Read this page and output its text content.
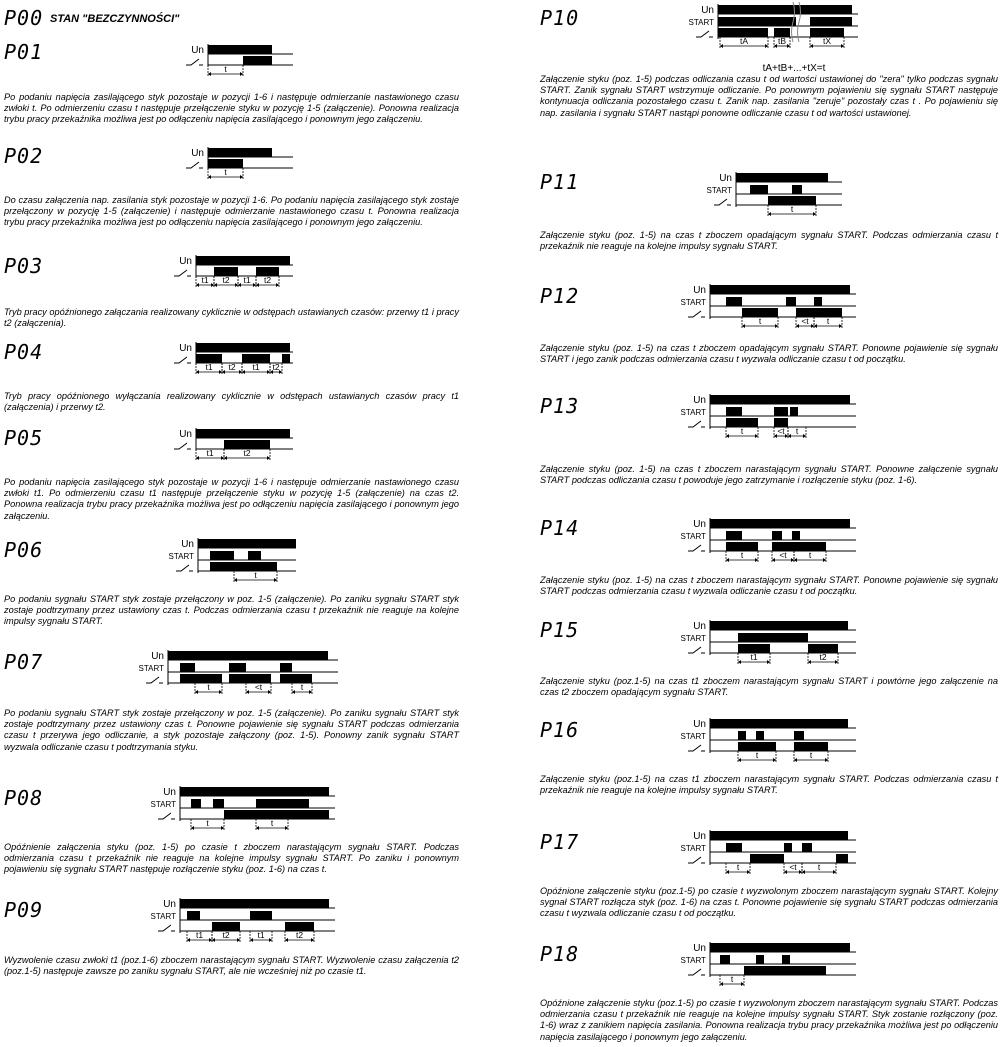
P00 STAN "BEZCZYNNOŚCI"
P01	Un
t

Po podaniu napięcia zasilającego styk pozostaje w pozycji 1-6 i następuje odmierzanie nastawionego czasu zwłoki t. Po odmierzeniu czasu t następuje przełączenie styku w pozycję 1-5 (załączenie). Ponowna realizacja trybu pracy przekaźnika możliwa jest po odłączeniu napięcia zasilającego i ponownym jego załączeniu.

P02	Un
t

Do czasu załączenia nap. zasilania styk pozostaje w pozycji 1-6. Po podaniu napięcia zasilającego styk zostaje przełączony w pozycję 1-5 (załączenie) i następuje odmierzanie nastawionego czasu t. Ponowna realizacja trybu pracy przekaźnika możliwa jest po odłączeniu napięcia zasilającego i ponownym jego załączeniu.

P03	Un
t1 t2 t1 t2

Tryb pracy opóźnionego załączania realizowany cyklicznie w odstępach ustawianych czasów: przerwy t1 i pracy t2 (załączenia).

P04	Un
t1 t2 t1 t2

Tryb pracy opóźnionego wyłączania realizowany cyklicznie w odstępach ustawianych czasów pracy t1 (załączenia) i przerwy t2.

P05	Un
t1	t2

Po podaniu napięcia zasilającego styk pozostaje w pozycji 1-6 i następuje odmierzanie nastawionego czasu zwłoki t1. Po odmierzeniu czasu t1 następuje przełączenie styku w pozycję 1-5 (załączenie) na czas t2. Ponowna realizacja trybu pracy przekaźnika możliwa jest po odłączeniu napięcia zasilającego i ponownym jego załączeniu.

P06	Un
START
t

Po podaniu sygnału START styk zostaje przełączony w poz. 1-5 (załączenie). Po zaniku sygnału START styk zostaje podtrzymany przez ustawiony czas t. Podczas odmierzania czasu t przekaźnik nie reaguje na kolejne impulsy sygnału START.

P07	Un
START
t	<t	t

Po podaniu sygnału START styk zostaje przełączony w poz. 1-5 (załączenie). Po zaniku sygnału START styk zostaje podtrzymany przez ustawiony czas t. Ponowne pojawienie się sygnału START podczas odmierzania czasu t przerywa jego odliczanie, a styk pozostaje załączony (poz. 1-5). Ponowny zanik sygnału START wyzwala odliczanie czasu t podtrzymania styku.

P08	Un
START
t	t

Opóźnienie załączenia styku (poz. 1-5) po czasie t zboczem narastającym sygnału START. Podczas odmierzania czasu t przekaźnik nie reaguje na kolejne impulsy sygnału START. Po zaniku i ponownym pojawieniu się sygnału START następuje rozłączenie styku (poz. 1-6) na czas t.

P09	Un
START
t1 t2	t1	t2

Wyzwolenie czasu zwłoki t1 (poz.1-6) zboczem narastającym sygnału START. Wyzwolenie czasu załączenia t2 (poz.1-5) następuje zawsze po zaniku sygnału START, ale nie wcześniej niż po czasie t1.

P10	Un
START
tA	tB	tX
tA+tB+...+tX=t

Załączenie styku (poz. 1-5) podczas odliczania czasu t od wartości ustawionej do "zera" tylko podczas sygnału START. Zanik sygnału START wstrzymuje odliczanie. Po ponownym pojawieniu się sygnału START następuje kontynuacja odliczania pozostałego czasu t. Zanik nap. zasilania "zeruje" pozostały czas t . Po pojawieniu się nap. zasilania i sygnału START nastąpi ponowne odliczanie czasu t od wartości ustawionej.

P11	Un
START
t

Załączenie styku (poz. 1-5) na czas t zboczem opadającym sygnału START. Podczas odmierzania czasu t przekaźnik nie reaguje na kolejne impulsy sygnału START.

P12	Un
START
t	<t t

Załączenie styku (poz. 1-5) na czas t zboczem opadającym sygnału START. Ponowne pojawienie się sygnału START i jego zanik podczas odmierzania czasu t wyzwala odliczanie czasu t od początku.

P13	Un
START
t	<t t

Załączenie styku (poz. 1-5) na czas t zboczem narastającym sygnału START. Ponowne załączenie sygnału START podczas odliczania czasu t powoduje jego zatrzymanie i rozłączenie styku (poz. 1-6).

P14	Un
START
t	<t	t

Załączenie styku (poz. 1-5) na czas t zboczem narastającym sygnału START. Ponowne pojawienie się sygnału START podczas odmierzania czasu t wyzwala odliczanie czasu t od początku.

P15	Un
START
t1	t2

Załączenie styku (poz.1-5) na czas t1 zboczem narastającym sygnału START i powtórne jego załączenie na czas t2 zboczem opadającym sygnału START.

P16	Un
START
t	t

Załączenie styku (poz.1-5) na czas t1 zboczem narastającym sygnału START. Podczas odmierzania czasu t przekaźnik nie reaguje na kolejne impulsy sygnału START.

P17	Un
START
t	<t t

Opóźnione załączenie styku (poz.1-5) po czasie t wyzwolonym zboczem narastającym sygnału START. Kolejny sygnał START rozłącza styk (poz. 1-6) na czas t. Ponowne pojawienie się sygnału START podczas odmierzania czasu t wyzwala odliczanie czasu t od początku.

P18	Un
START
t

Opóźnione załączenie styku (poz.1-5) po czasie t wyzwolonym zboczem narastającym sygnału START. Podczas odmierzania czasu t przekaźnik nie reaguje na kolejne impulsy sygnału START. Styk zostanie rozłączony (poz. 1-6) wraz z zanikiem napięcia zasilania. Ponowna realizacja trybu pracy przekaźnika możliwa jest po odłączeniu napięcia zasilającego i ponownym jego załączeniu.
